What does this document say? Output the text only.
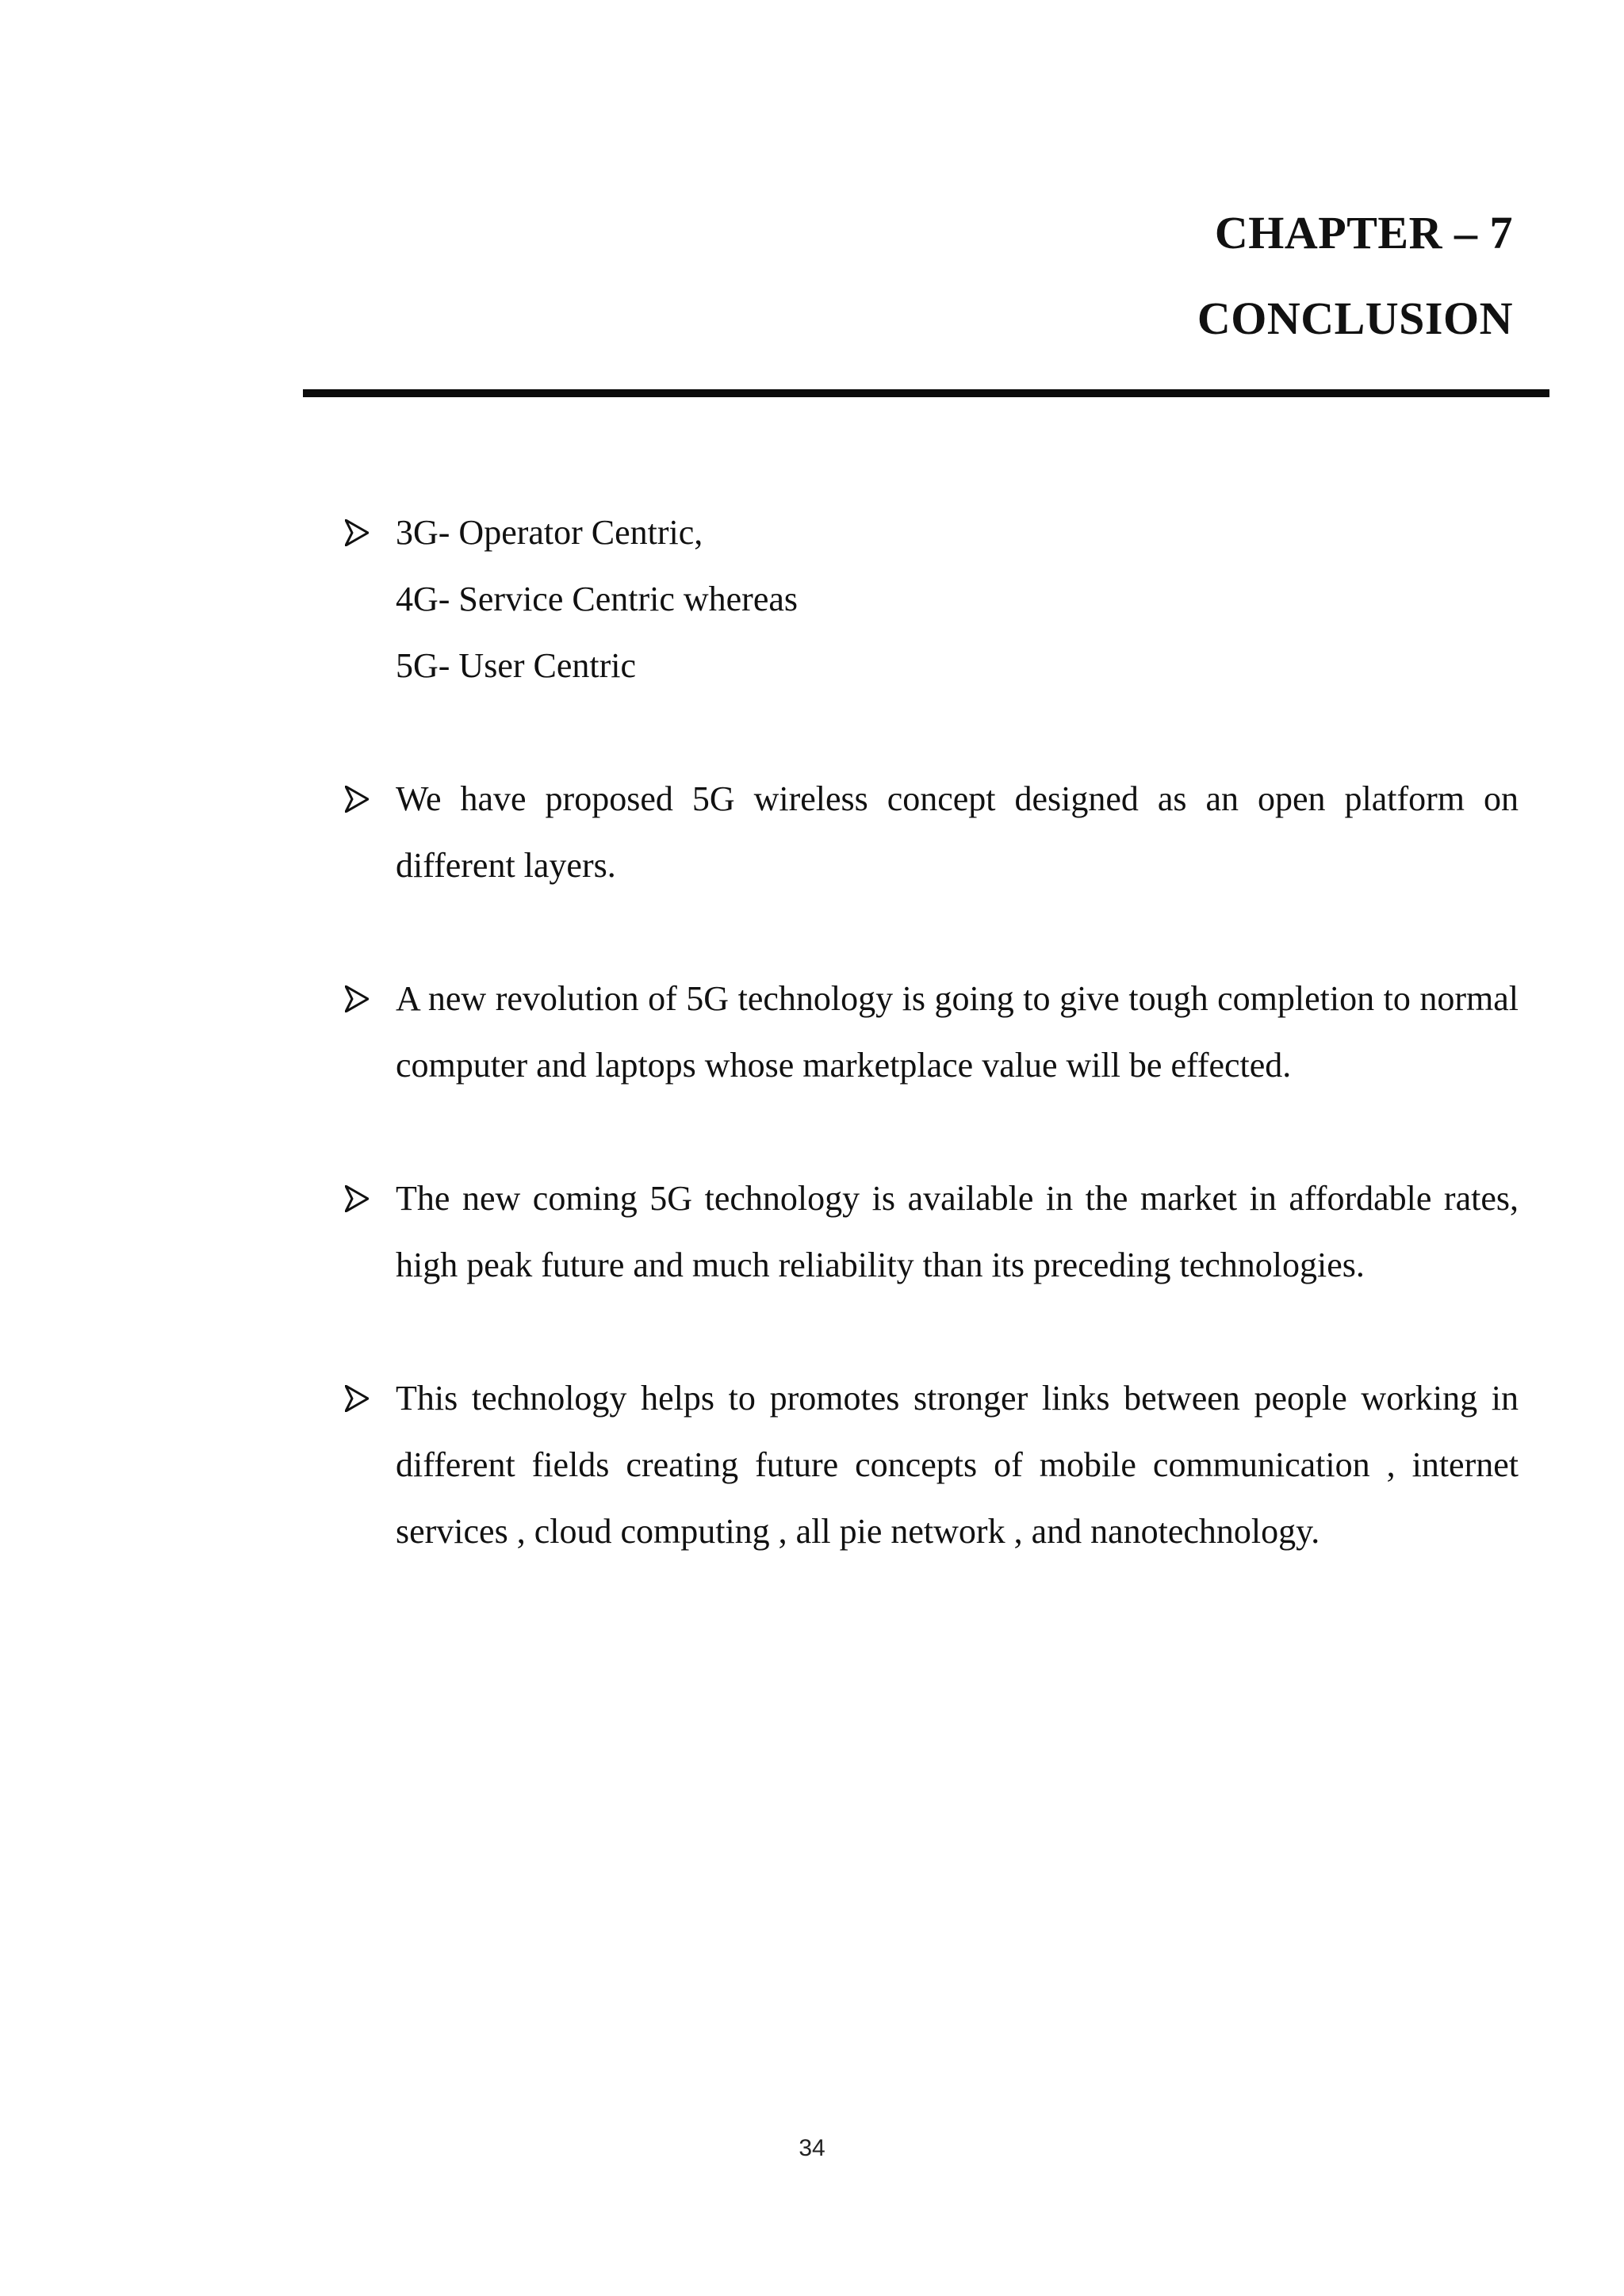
CHAPTER – 7
CONCLUSION
3G- Operator Centric,
4G- Service Centric whereas
5G- User Centric
We have proposed 5G wireless concept designed as an open platform on different layers.
A new revolution of 5G technology is going to give tough completion to normal computer and laptops whose marketplace value will be effected.
The new coming 5G technology is available in the market in affordable rates, high peak future and much reliability than its preceding technologies.
This technology helps to promotes stronger links between people working in different fields creating future concepts of mobile communication , internet services , cloud computing , all pie network , and nanotechnology.
34
